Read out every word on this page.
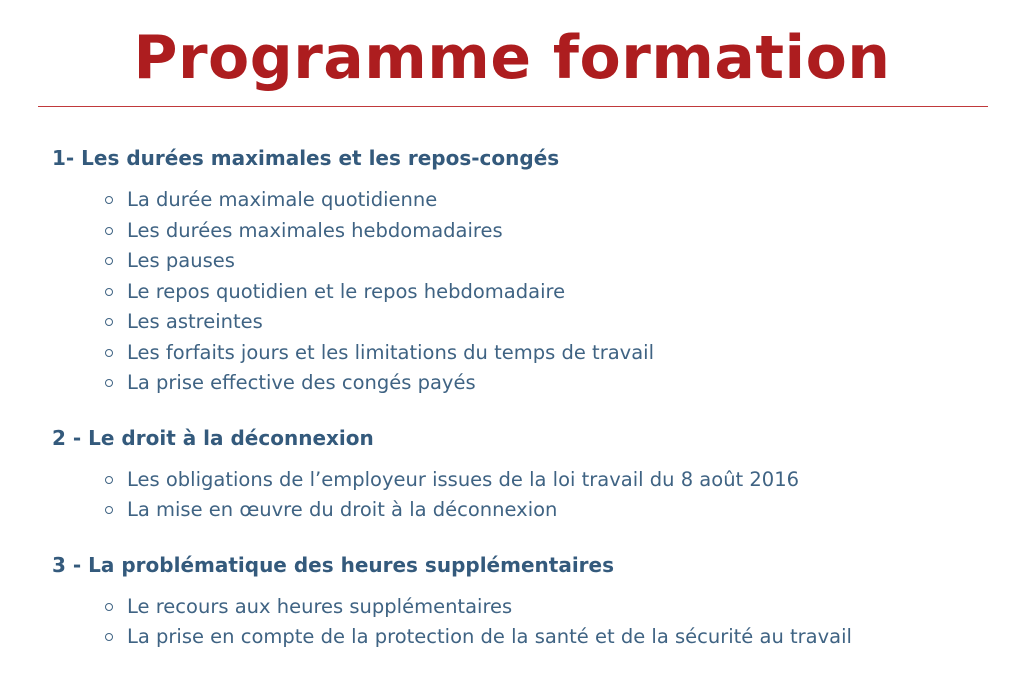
Programme formation
1- Les durées maximales et les repos-congés
La durée maximale quotidienne
Les durées maximales hebdomadaires
Les pauses
Le repos quotidien et le repos hebdomadaire
Les astreintes
Les forfaits jours et les limitations du temps de travail
La prise effective des congés payés
2 - Le droit à la déconnexion
Les obligations de l’employeur issues de la loi travail du 8 août 2016
La mise en œuvre du droit à la déconnexion
3 - La problématique des heures supplémentaires
Le recours aux heures supplémentaires
La prise en compte de la protection de la santé et de la sécurité au travail
